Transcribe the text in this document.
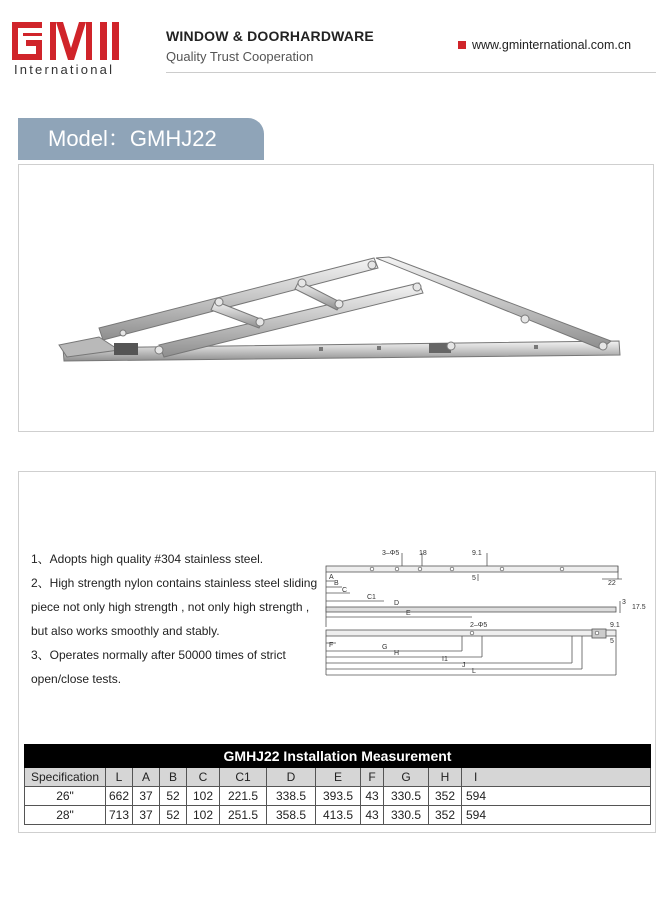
International
WINDOW & DOORHARDWARE
Quality Trust Cooperation
www.gminternational.com.cn
Model：GMHJ22
1、Adopts high quality #304 stainless steel.
2、High strength nylon contains stainless steel sliding
piece not only high strength , not only high strength ,
but also works smoothly and stably.
3、Operates normally after 50000 times of strict
open/close tests.
3–Φ5	18	9.1
5
22
A
B
C
C1
D
E
3
17.5
2–Φ5	9.1
5
F	G
H
I1
J
L
GMHJ22 Installation Measurement											
Specification	L	A	B	C	C1	D	E	F	G	H	I
26"	662	37	52	102	221.5	338.5	393.5	43	330.5	352	594
28"	713	37	52	102	251.5	358.5	413.5	43	330.5	352	594
